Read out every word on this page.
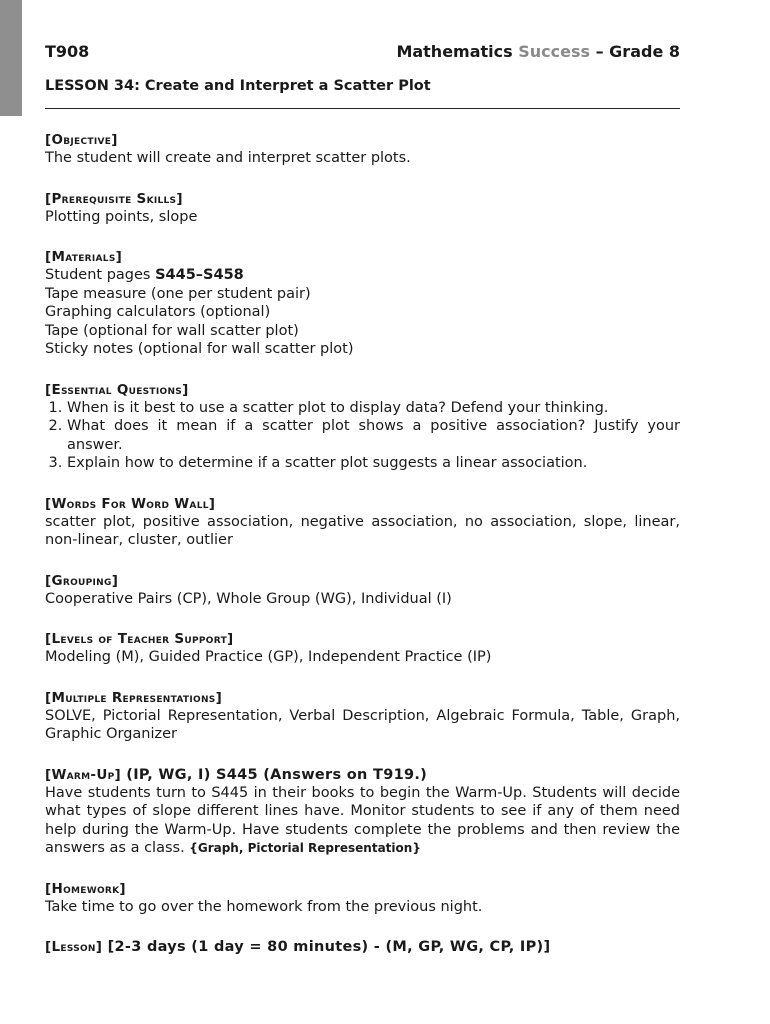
T908	Mathematics Success – Grade 8
LESSON 34: Create and Interpret a Scatter Plot
[Objective]

The student will create and interpret scatter plots.

[Prerequisite Skills]

Plotting points, slope

[Materials]

Student pages S445–S458

Tape measure (one per student pair)

Graphing calculators (optional)

Tape (optional for wall scatter plot)

Sticky notes (optional for wall scatter plot)

[Essential Questions]
1. When is it best to use a scatter plot to display data? Defend your thinking.
2. What does it mean if a scatter plot shows a positive association? Justify your answer.
3. Explain how to determine if a scatter plot suggests a linear association.
[Words For Word Wall]

scatter plot, positive association, negative association, no association, slope, linear, non-linear, cluster, outlier

[Grouping]

Cooperative Pairs (CP), Whole Group (WG), Individual (I)

[Levels of Teacher Support]

Modeling (M), Guided Practice (GP), Independent Practice (IP)

[Multiple Representations]

SOLVE, Pictorial Representation, Verbal Description, Algebraic Formula, Table, Graph, Graphic Organizer

[Warm-Up] (IP, WG, I) S445 (Answers on T919.)

Have students turn to S445 in their books to begin the Warm-Up. Students will decide what types of slope different lines have. Monitor students to see if any of them need help during the Warm-Up. Have students complete the problems and then review the answers as a class. {Graph, Pictorial Representation}

[Homework]

Take time to go over the homework from the previous night.

[Lesson] [2-3 days (1 day = 80 minutes) - (M, GP, WG, CP, IP)]
